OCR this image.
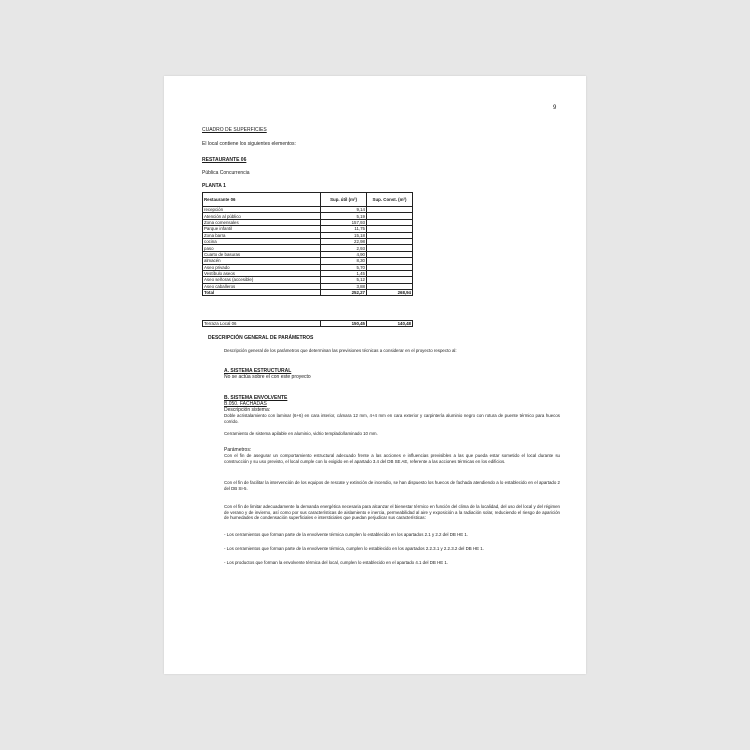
9
CUADRO DE SUPERFICIES
El local contiene los siguientes elementos:
RESTAURANTE 06
Pública Concurrencia
PLANTA 1
Restaurante 06	Sup. útil (m²)	Sup. Const. (m²)
recepción	9,14	
Atención al público	5,19	
Zona comensales	157,93	
Parque infantil	11,75	
Zona barra	15,18	
cocina	22,98	
paso	2,93	
Cuarto de basuras	4,90	
almacén	8,30	
Aseo privado	5,70	
Vestíbulo aseos	1,45	
Aseo señoras (accesible)	5,12	
Aseo caballeros	3,88	
Total	252,27	268,94
Terraza Local 06	150,45	140,48
DESCRIPCIÓN GENERAL DE PARÁMETROS
Descripción general de los parámetros que determinan las previsiones técnicas a considerar en el proyecto respecto al:
A. SISTEMA ESTRUCTURAL
No se actúa sobre el con este proyecto
B. SISTEMA ENVOLVENTE
B.050. FACHADAS
Descripción sistema:
Doble acristalamiento con laminar (6+6) en cara interior, cámara 12 mm, 4+4 mm en cara exterior y carpintería aluminio negro con rotura de puente térmico para huecos corrido.
Cerramiento de sistema apilable en aluminio, vidrio templado/laminado 10 mm.
Parámetros:
Con el fin de asegurar un comportamiento estructural adecuado frente a las acciones e influencias previsibles a las que pueda estar sometido el local durante su construcción y su uso previsto, el local cumple con lo exigido en el apartado 3.4 del DB SE AE, referente a las acciones térmicas en los edificios.
Con el fin de facilitar la intervención de los equipos de rescate y extinción de incendio, se han dispuesto los huecos de fachada atendiendo a lo establecido en el apartado 2 del DB SI-5.
Con el fin de limitar adecuadamente la demanda energética necesaria para alcanzar el bienestar térmico en función del clima de la localidad, del uso del local y del régimen de verano y de invierno, así como por sus características de aislamiento e inercia, permeabilidad al aire y exposición a la radiación solar, reduciendo el riesgo de aparición de humedades de condensación superficiales e intersticiales que puedan perjudicar sus características:
- Los cerramientos que forman parte de la envolvente térmica cumplen lo establecido en los apartados 2.1 y 2.2 del DB HE 1.
- Los cerramientos que forman parte de la envolvente térmica, cumplen lo establecido en los apartados 2.2.3.1 y 2.2.3.2 del DB HE 1.
- Los productos que forman la envolvente térmica del local, cumplen lo establecido en el apartado 4.1 del DB HE 1.
